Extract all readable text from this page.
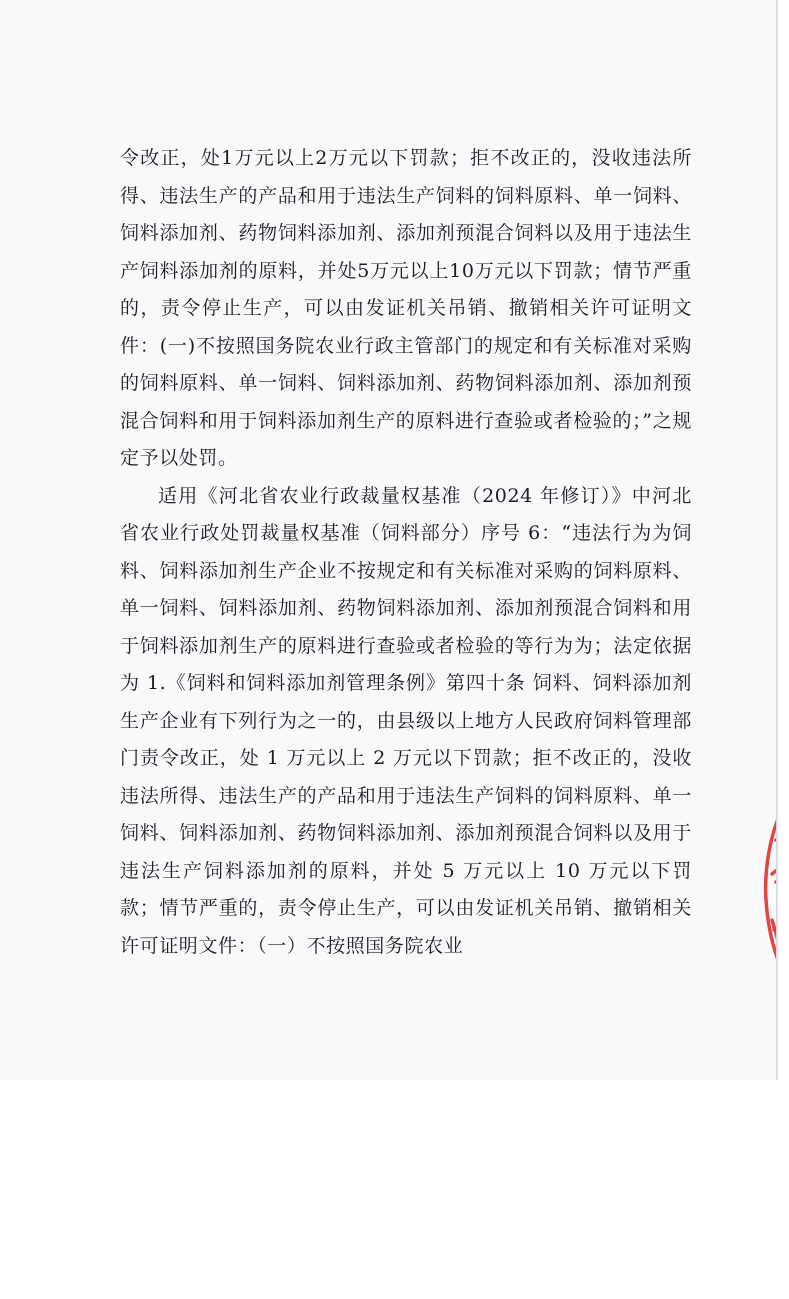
令改正，处1万元以上2万元以下罚款；拒不改正的，没收违法所得、违法生产的产品和用于违法生产饲料的饲料原料、单一饲料、饲料添加剂、药物饲料添加剂、添加剂预混合饲料以及用于违法生产饲料添加剂的原料，并处5万元以上10万元以下罚款；情节严重的，责令停止生产，可以由发证机关吊销、撤销相关许可证明文件：(一)不按照国务院农业行政主管部门的规定和有关标准对采购的饲料原料、单一饲料、饲料添加剂、药物饲料添加剂、添加剂预混合饲料和用于饲料添加剂生产的原料进行查验或者检验的；”之规定予以处罚。

适用《河北省农业行政裁量权基准（2024 年修订）》中河北省农业行政处罚裁量权基准（饲料部分）序号 6：“违法行为为饲料、饲料添加剂生产企业不按规定和有关标准对采购的饲料原料、单一饲料、饲料添加剂、药物饲料添加剂、添加剂预混合饲料和用于饲料添加剂生产的原料进行查验或者检验的等行为为；法定依据为 1.《饲料和饲料添加剂管理条例》第四十条 饲料、饲料添加剂生产企业有下列行为之一的，由县级以上地方人民政府饲料管理部门责令改正，处 1 万元以上 2 万元以下罚款；拒不改正的，没收违法所得、违法生产的产品和用于违法生产饲料的饲料原料、单一饲料、饲料添加剂、药物饲料添加剂、添加剂预混合饲料以及用于违法生产饲料添加剂的原料，并处 5 万元以上 10 万元以下罚款；情节严重的，责令停止生产，可以由发证机关吊销、撤销相关许可证明文件：（一）不按照国务院农业
